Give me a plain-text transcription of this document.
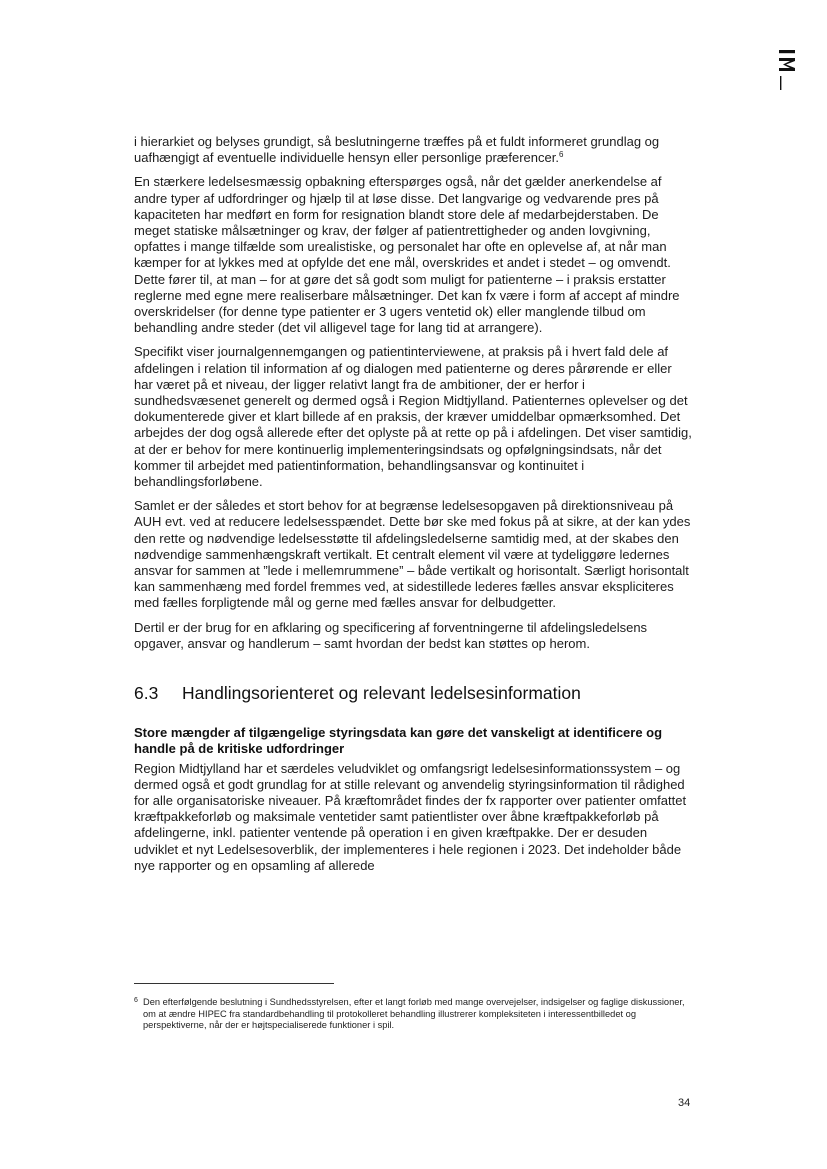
i hierarkiet og belyses grundigt, så beslutningerne træffes på et fuldt informeret grundlag og uafhængigt af eventuelle individuelle hensyn eller personlige præferencer.$^6$

En stærkere ledelsesmæssig opbakning efterspørges også, når det gælder anerkendelse af andre typer af udfordringer og hjælp til at løse disse. Det langvarige og vedvarende pres på kapaciteten har medført en form for resignation blandt store dele af medarbejderstaben. De meget statiske målsætninger og krav, der følger af patientrettigheder og anden lovgivning, opfattes i mange tilfælde som urealistiske, og personalet har ofte en oplevelse af, at når man kæmper for at lykkes med at opfylde det ene mål, overskrides et andet i stedet – og omvendt. Dette fører til, at man – for at gøre det så godt som muligt for patienterne – i praksis erstatter reglerne med egne mere realiserbare målsætninger. Det kan fx være i form af accept af mindre overskridelser (for denne type patienter er 3 ugers ventetid ok) eller manglende tilbud om behandling andre steder (det vil alligevel tage for lang tid at arrangere).

Specifikt viser journalgennemgangen og patientinterviewene, at praksis på i hvert fald dele af afdelingen i relation til information af og dialogen med patienterne og deres pårørende er eller har været på et niveau, der ligger relativt langt fra de ambitioner, der er herfor i sundhedsvæsenet generelt og dermed også i Region Midtjylland. Patienternes oplevelser og det dokumenterede giver et klart billede af en praksis, der kræver umiddelbar opmærksomhed. Det arbejdes der dog også allerede efter det oplyste på at rette op på i afdelingen. Det viser samtidig, at der er behov for mere kontinuerlig implementeringsindsats og opfølgningsindsats, når det kommer til arbejdet med patientinformation, behandlingsansvar og kontinuitet i behandlingsforløbene.

Samlet er der således et stort behov for at begrænse ledelsesopgaven på direktionsniveau på AUH evt. ved at reducere ledelsesspændet. Dette bør ske med fokus på at sikre, at der kan ydes den rette og nødvendige ledelsesstøtte til afdelingsledelserne samtidig med, at der skabes den nødvendige sammenhængskraft vertikalt. Et centralt element vil være at tydeliggøre ledernes ansvar for sammen at ”lede i mellemrummene” – både vertikalt og horisontalt. Særligt horisontalt kan sammenhæng med fordel fremmes ved, at sidestillede lederes fælles ansvar ekspliciteres med fælles forpligtende mål og gerne med fælles ansvar for delbudgetter.

Dertil er der brug for en afklaring og specificering af forventningerne til afdelingsledelsens opgaver, ansvar og handlerum – samt hvordan der bedst kan støttes op herom.

6.3 Handlingsorienteret og relevant ledelsesinformation
Store mængder af tilgængelige styringsdata kan gøre det vanskeligt at identificere og handle på de kritiske udfordringer

Region Midtjylland har et særdeles veludviklet og omfangsrigt ledelsesinformationssystem – og dermed også et godt grundlag for at stille relevant og anvendelig styringsinformation til rådighed for alle organisatoriske niveauer. På kræftområdet findes der fx rapporter over patienter omfattet kræftpakkeforløb og maksimale ventetider samt patientlister over åbne kræftpakkeforløb på afdelingerne, inkl. patienter ventende på operation i en given kræftpakke. Der er desuden udviklet et nyt Ledelsesoverblik, der implementeres i hele regionen i 2023. Det indeholder både nye rapporter og en opsamling af allerede

6 Den efterfølgende beslutning i Sundhedsstyrelsen, efter et langt forløb med mange overvejelser, indsigelser og faglige diskussioner, om at ændre HIPEC fra standardbehandling til protokolleret behandling illustrerer kompleksiteten i interessentbilledet og perspektiverne, når der er højtspecialiserede funktioner i spil.
34
